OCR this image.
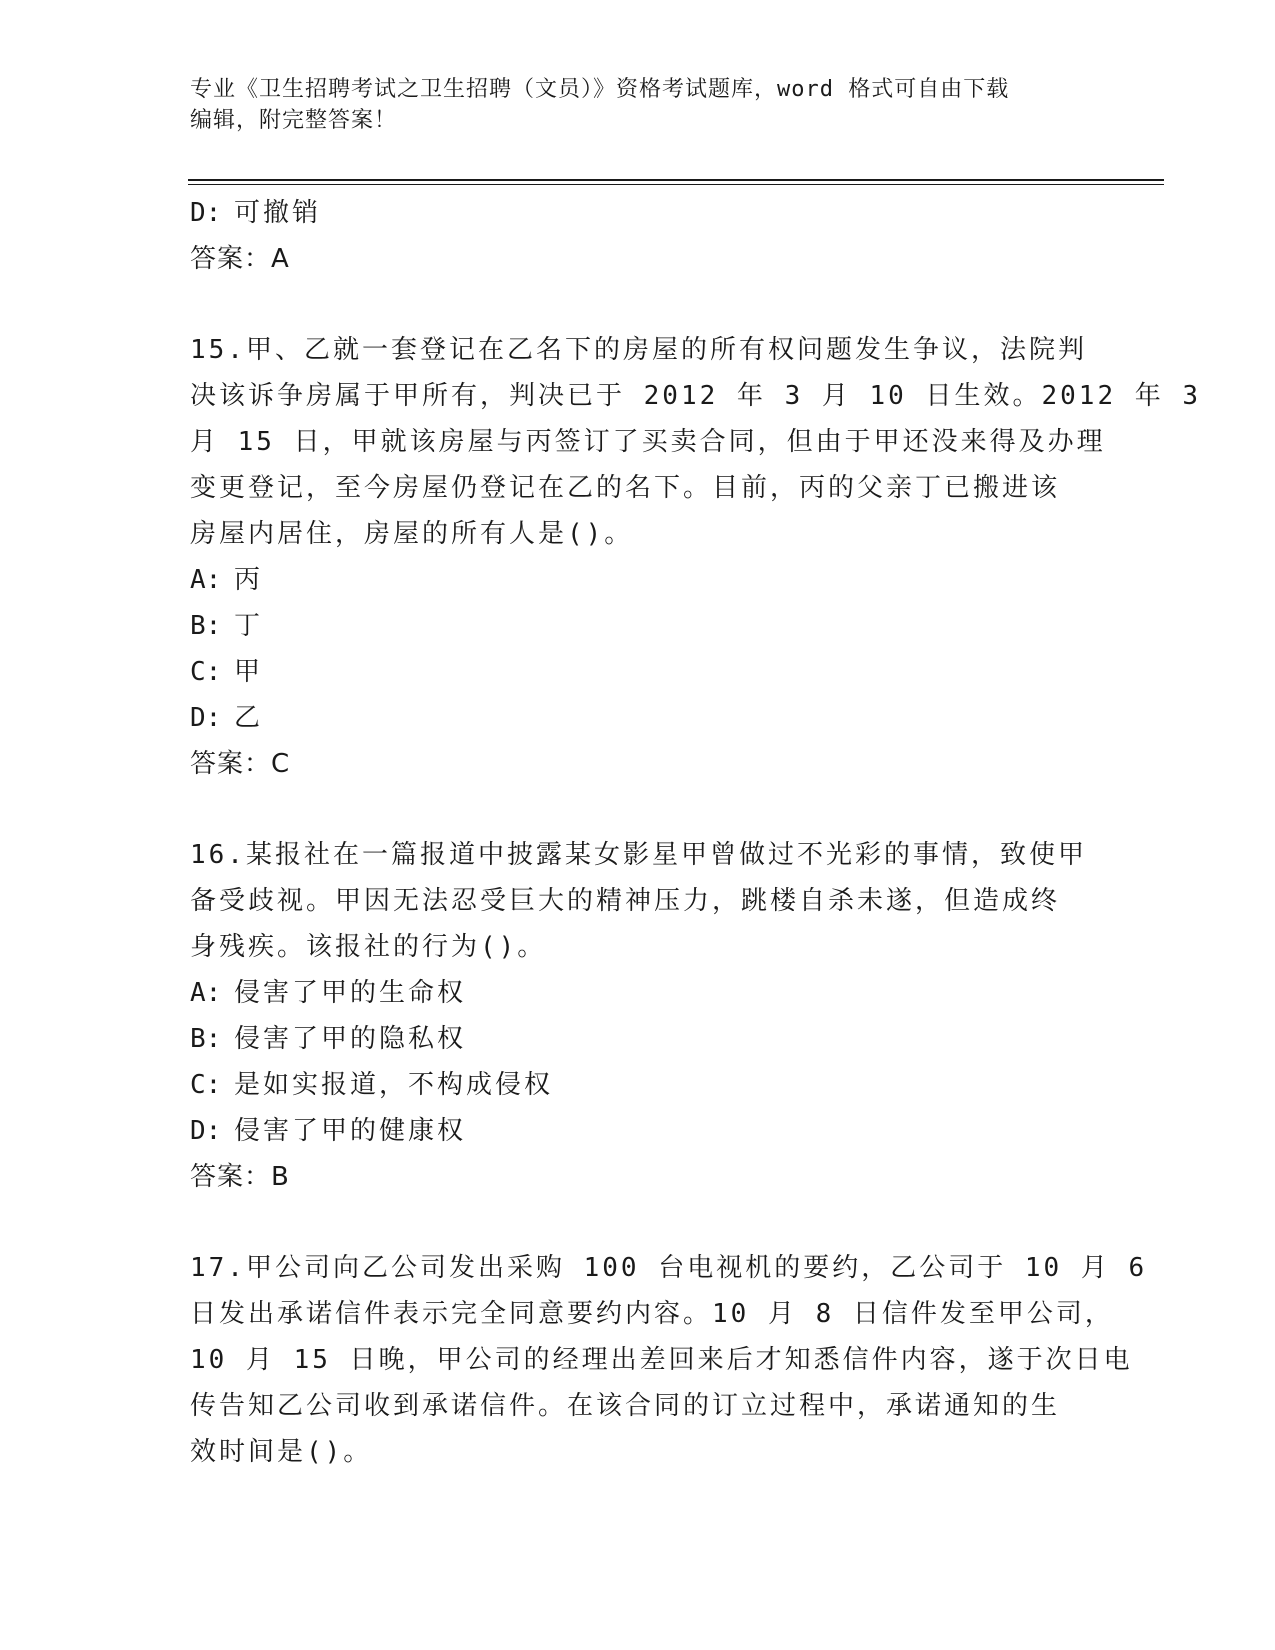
专业《卫生招聘考试之卫生招聘（文员）》资格考试题库，word 格式可自由下载
编辑，附完整答案！
D: 可撤销
答案：A
15.甲、乙就一套登记在乙名下的房屋的所有权问题发生争议，法院判
决该诉争房属于甲所有，判决已于 2012 年 3 月 10 日生效。2012 年 3
月 15 日，甲就该房屋与丙签订了买卖合同，但由于甲还没来得及办理
变更登记，至今房屋仍登记在乙的名下。目前，丙的父亲丁已搬进该
房屋内居住，房屋的所有人是()。
A: 丙
B: 丁
C: 甲
D: 乙
答案：C
16.某报社在一篇报道中披露某女影星甲曾做过不光彩的事情，致使甲
备受歧视。甲因无法忍受巨大的精神压力，跳楼自杀未遂，但造成终
身残疾。该报社的行为()。
A: 侵害了甲的生命权
B: 侵害了甲的隐私权
C: 是如实报道，不构成侵权
D: 侵害了甲的健康权
答案：B
17.甲公司向乙公司发出采购 100 台电视机的要约，乙公司于 10 月 6
日发出承诺信件表示完全同意要约内容。10 月 8 日信件发至甲公司，
10 月 15 日晚，甲公司的经理出差回来后才知悉信件内容，遂于次日电
传告知乙公司收到承诺信件。在该合同的订立过程中，承诺通知的生
效时间是()。
